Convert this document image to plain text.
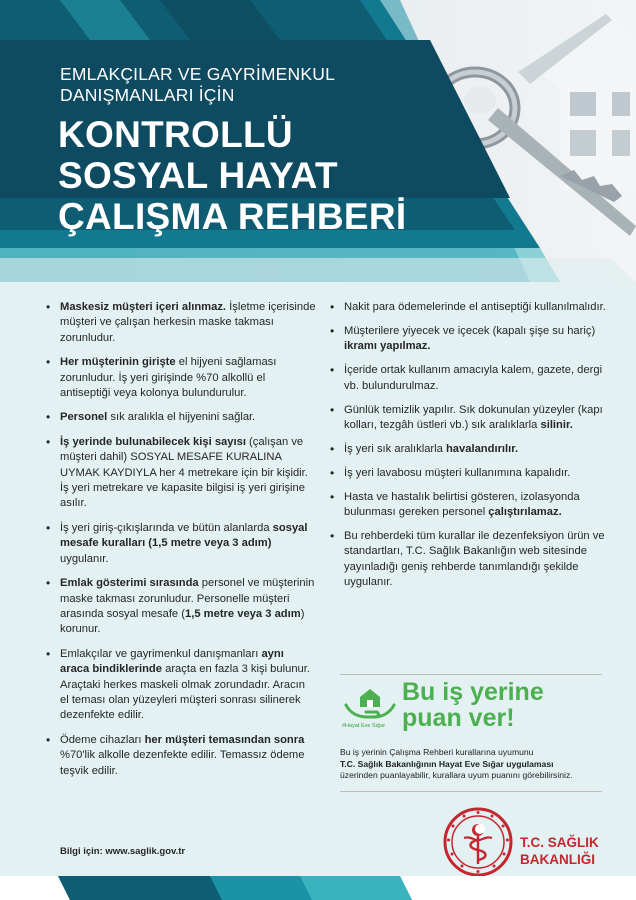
EMLAKÇILAR VE GAYRİMENKUL
DANIŞMANLARI İÇİN
KONTROLLÜ
SOSYAL HAYAT
ÇALIŞMA REHBERİ
• Maskesiz müşteri içeri alınmaz. İşletme içerisinde müşteri ve çalışan herkesin maske takması zorunludur.
• Her müşterinin girişte el hijyeni sağlaması zorunludur. İş yeri girişinde %70 alkollü el antiseptiği veya kolonya bulundurulur.
• Personel sık aralıkla el hijyenini sağlar.
• İş yerinde bulunabilecek kişi sayısı (çalışan ve müşteri dahil) SOSYAL MESAFE KURALINA UYMAK KAYDIYLA her 4 metrekare için bir kişidir. İş yeri metrekare ve kapasite bilgisi iş yeri girişine asılır.
• İş yeri giriş-çıkışlarında ve bütün alanlarda sosyal mesafe kuralları (1,5 metre veya 3 adım) uygulanır.
• Emlak gösterimi sırasında personel ve müşterinin maske takması zorunludur. Personelle müşteri arasında sosyal mesafe (1,5 metre veya 3 adım) korunur.
• Emlakçılar ve gayrimenkul danışmanları aynı araca bindiklerinde araçta en fazla 3 kişi bulunur. Araçtaki herkes maskeli olmak zorundadır. Aracın el teması olan yüzeyleri müşteri sonrası silinerek dezenfekte edilir.
• Ödeme cihazları her müşteri temasından sonra %70'lik alkolle dezenfekte edilir. Temassız ödeme teşvik edilir.
• Nakit para ödemelerinde el antiseptiği kullanılmalıdır.
• Müşterilere yiyecek ve içecek (kapalı şişe su hariç) ikramı yapılmaz.
• İçeride ortak kullanım amacıyla kalem, gazete, dergi vb. bulundurulmaz.
• Günlük temizlik yapılır. Sık dokunulan yüzeyler (kapı kolları, tezgâh üstleri vb.) sık aralıklarla silinir.
• İş yeri sık aralıklarla havalandırılır.
• İş yeri lavabosu müşteri kullanımına kapalıdır.
• Hasta ve hastalık belirtisi gösteren, izolasyonda bulunması gereken personel çalıştırılamaz.
• Bu rehberdeki tüm kurallar ile dezenfeksiyon ürün ve standartları, T.C. Sağlık Bakanlığın web sitesinde yayınladığı geniş rehberde tanımlandığı şekilde uygulanır.
#Hayat Eve Sığar
Bu iş yerine
puan ver!
Bu iş yerinin Çalışma Rehberi kurallarına uyumunu
T.C. Sağlık Bakanlığının Hayat Eve Sığar uygulaması
üzerinden puanlayabilir, kurallara uyum puanını görebilirsiniz.
Bilgi için: www.saglik.gov.tr
T.C. SAĞLIK
BAKANLIĞI
